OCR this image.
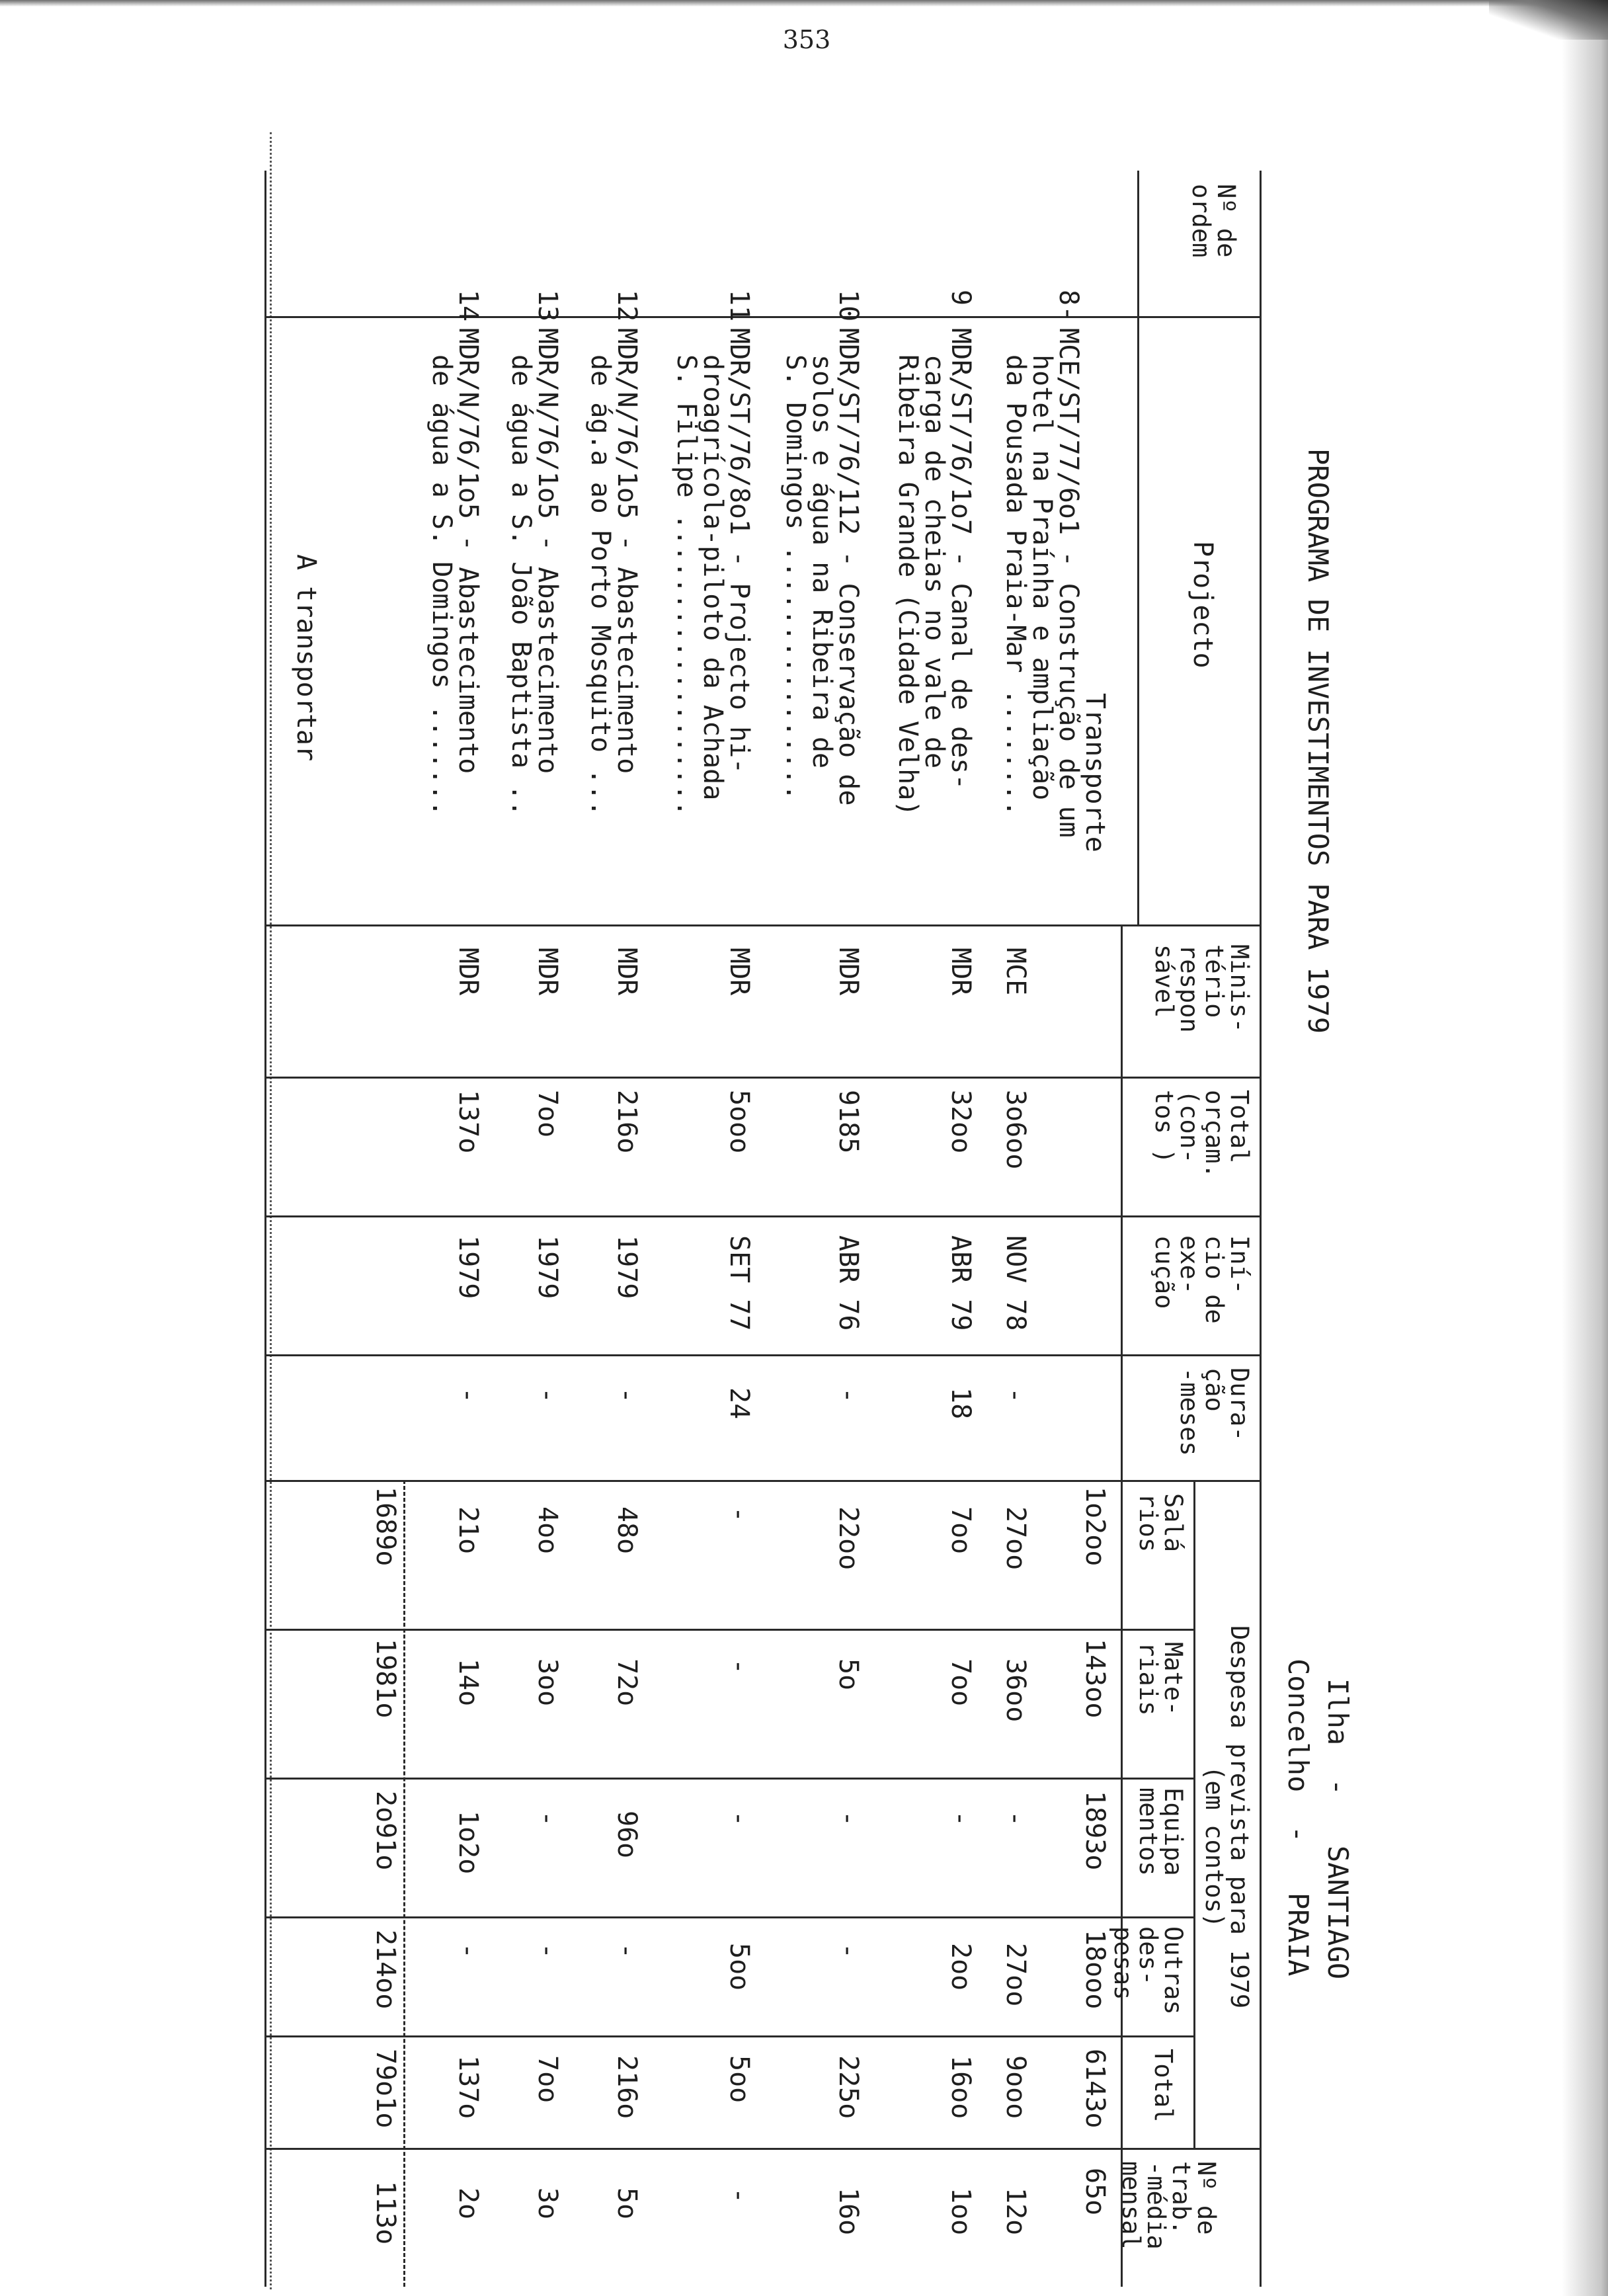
353
PROGRAMA DE INVESTIMENTOS PARA 1979
Ilha  -   SANTIAGO
Concelho  -   PRAIA
Nº de
ordem
Projecto
Minis-
tério
respon
sável
Total
orçam.
(con-
tos )
Iní-
cio de
exe-
cução
Dura-
ção
-meses
Despesa prevista para 1979
(em contos)
Salá
rios
Mate-
riais
Equipa
mentos
Outras
des-
pesas
Total
Nº de
trab.
-média
mensal
Transporte
1o2oo
143oo
1893o
18ooo
6143o
65o
8-
MCE/ST/77/6o1 - Construção de um
hotel na Praínha e ampliação
da Pousada Praia-Mar ........
MCE
3o6oo
NOV 78
-
27oo
36oo
-
27oo
9ooo
12o
9
MDR/ST/76/1o7 - Canal de des-
carga de cheias no vale de
Ribeira Grande (Cidade Velha)
MDR
32oo
ABR 79
18
7oo
7oo
-
2oo
16oo
1oo
10
MDR/ST/76/112 - Conservação de
solos e água na Ribeira de
S. Domingos ................
MDR
9185
ABR 76
-
22oo
5o
-
-
225o
16o
11
MDR/ST/76/8o1 - Projecto hi-
droagrícola-piloto da Achada
S. Filipe ...................
MDR
5ooo
SET 77
24
-
-
-
5oo
5oo
-
12
MDR/N/76/1o5 - Abastecimento
de ág.a ao Porto Mosquito ...
MDR
216o
1979
-
48o
72o
96o
-
216o
5o
13
MDR/N/76/1o5 - Abastecimento
de água a S. João Baptista ..
MDR
7oo
1979
-
4oo
3oo
-
-
7oo
3o
14
MDR/N/76/1o5 - Abastecimento
de água a S. Domingos .......
MDR
137o
1979
-
21o
14o
1o2o
-
137o
2o
A transportar
1689o
1981o
2o91o
214oo
79o1o
113o
